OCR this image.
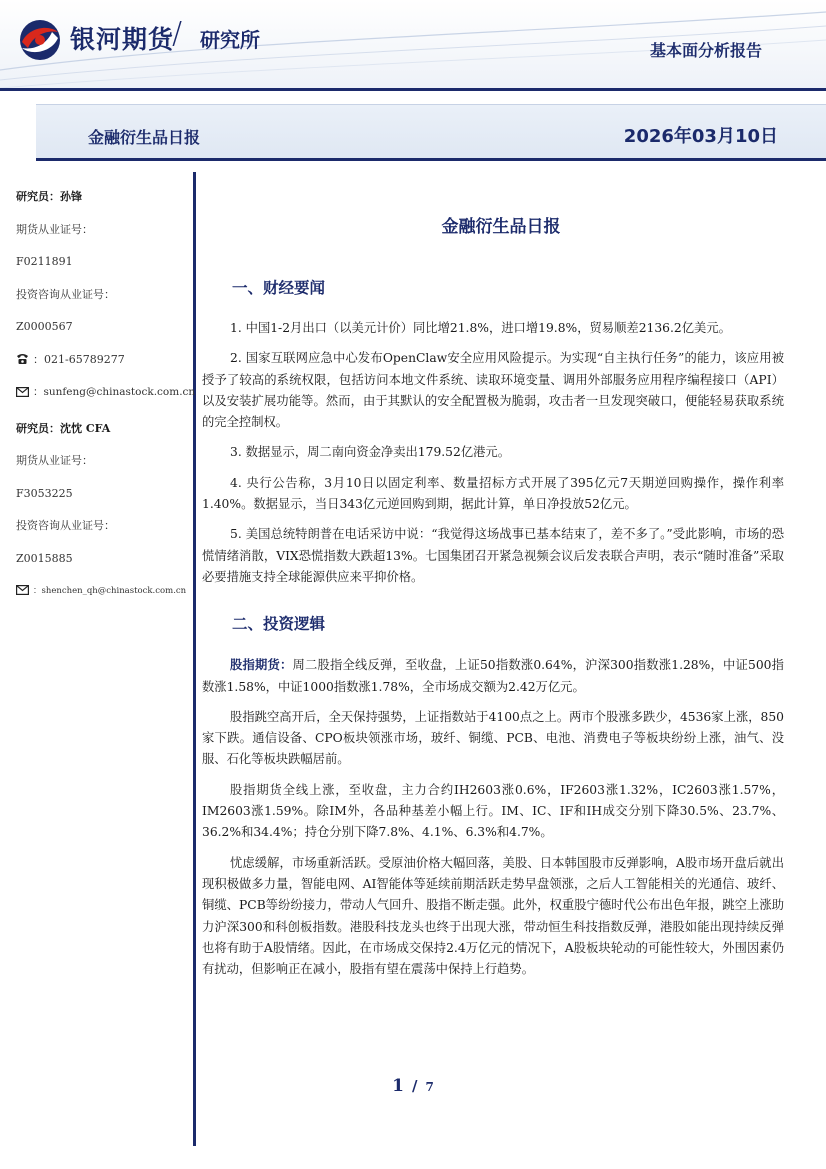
银河期货
/ 研究所	基本面分析报告
金融衍生品日报	2026年03月10日
研究员：孙锋
期货从业证号：
F0211891
投资咨询从业证号：
Z0000567
：021-65789277
：sunfeng@chinastock.com.cn
研究员：沈忱 CFA
期货从业证号：
F3053225
投资咨询从业证号：
Z0015885
：shenchen_qh@chinastock.com.cn
金融衍生品日报
一、财经要闻
1. 中国1-2月出口（以美元计价）同比增21.8%，进口增19.8%，贸易顺差2136.2亿美元。
2. 国家互联网应急中心发布OpenClaw安全应用风险提示。为实现“自主执行任务”的能力，该应用被授予了较高的系统权限，包括访问本地文件系统、读取环境变量、调用外部服务应用程序编程接口（API）以及安装扩展功能等。然而，由于其默认的安全配置极为脆弱，攻击者一旦发现突破口，便能轻易获取系统的完全控制权。
3. 数据显示，周二南向资金净卖出179.52亿港元。
4. 央行公告称，3月10日以固定利率、数量招标方式开展了395亿元7天期逆回购操作，操作利率1.40%。数据显示，当日343亿元逆回购到期，据此计算，单日净投放52亿元。
5. 美国总统特朗普在电话采访中说：“我觉得这场战事已基本结束了，差不多了。”受此影响，市场的恐慌情绪消散，VIX恐慌指数大跌超13%。七国集团召开紧急视频会议后发表联合声明，表示“随时准备”采取必要措施支持全球能源供应来平抑价格。
二、投资逻辑
股指期货：周二股指全线反弹，至收盘，上证50指数涨0.64%，沪深300指数涨1.28%，中证500指数涨1.58%，中证1000指数涨1.78%，全市场成交额为2.42万亿元。
股指跳空高开后，全天保持强势，上证指数站于4100点之上。两市个股涨多跌少，4536家上涨，850家下跌。通信设备、CPO板块领涨市场，玻纤、铜缆、PCB、电池、消费电子等板块纷纷上涨，油气、没服、石化等板块跌幅居前。
股指期货全线上涨，至收盘，主力合约IH2603涨0.6%，IF2603涨1.32%，IC2603涨1.57%，IM2603涨1.59%。除IM外，各品种基差小幅上行。IM、IC、IF和IH成交分别下降30.5%、23.7%、36.2%和34.4%；持仓分别下降7.8%、4.1%、6.3%和4.7%。
忧虑缓解，市场重新活跃。受原油价格大幅回落，美股、日本韩国股市反弹影响，A股市场开盘后就出现积极做多力量，智能电网、AI智能体等延续前期活跃走势早盘领涨，之后人工智能相关的光通信、玻纤、铜缆、PCB等纷纷接力，带动人气回升、股指不断走强。此外，权重股宁德时代公布出色年报，跳空上涨助力沪深300和科创板指数。港股科技龙头也终于出现大涨，带动恒生科技指数反弹，港股如能出现持续反弹也将有助于A股情绪。因此，在市场成交保持2.4万亿元的情况下，A股板块轮动的可能性较大，外围因素仍有扰动，但影响正在减小，股指有望在震荡中保持上行趋势。
1 / 7
